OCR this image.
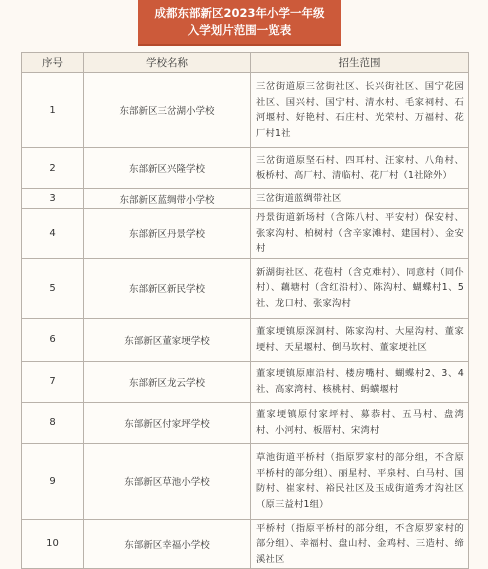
成都东部新区2023年小学一年级
入学划片范围一览表
序号	学校名称	招生范围
1	东部新区三岔湖小学校	三岔街道原三岔街社区、长兴街社区、国宁花园社区、国兴村、国宁村、清水村、毛家祠村、石河堰村、好艳村、石庄村、光荣村、万福村、花厂村1社
2	东部新区兴隆学校	三岔街道原坚石村、四耳村、汪家村、八角村、板桥村、高厂村、清临村、花厂村（1社除外）
3	东部新区蓝绸带小学校	三岔街道蓝绸带社区
4	东部新区丹景学校	丹景街道新场村（含陈八村、平安村）保安村、张家沟村、柏树村（含辛家滩村、建国村）、金安村
5	东部新区新民学校	新湖街社区、花苞村（含克难村）、同意村（同仆村）、藕塘村（含红沿村）、陈沟村、蝴蝶村1、5社、龙口村、张家沟村
6	东部新区董家埂学校	董家埂镇原深洞村、陈家沟村、大屋沟村、董家埂村、天星堰村、倒马坎村、董家埂社区
7	东部新区龙云学校	董家埂镇原庫沿村、楼房嘴村、蝴蝶村2、3、4社、高家湾村、核桃村、蚂蟥堰村
8	东部新区付家坪学校	董家埂镇原付家坪村、募恭村、五马村、盘湾村、小河村、板厝村、宋湾村
9	东部新区草池小学校	草池街道平桥村（指原罗家村的部分组，不含原平桥村的部分组）、丽星村、平泉村、白马村、国防村、崔家村、裕民社区及玉成街道秀才沟社区（原三益村1组）
10	东部新区幸福小学校	平桥村（指原平桥村的部分组，不含原罗家村的部分组）、幸福村、盘山村、金鸡村、三造村、缔溪社区
